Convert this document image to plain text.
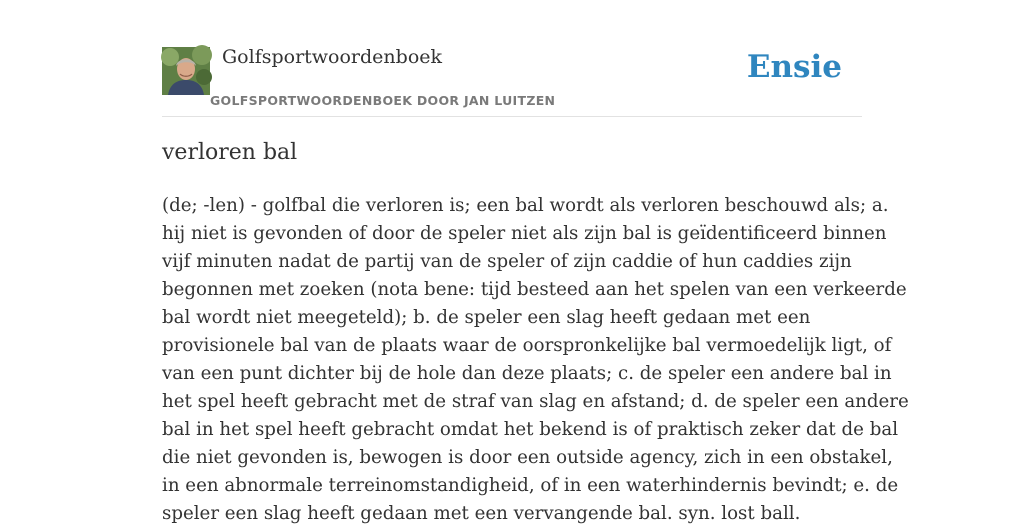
Golfsportwoordenboek
GOLFSPORTWOORDENBOEK DOOR JAN LUITZEN
Ensie
verloren bal
(de; -len) - golfbal die verloren is; een bal wordt als verloren beschouwd als; a.
hij niet is gevonden of door de speler niet als zijn bal is geïdentificeerd binnen
vijf minuten nadat de partij van de speler of zijn caddie of hun caddies zijn
begonnen met zoeken (nota bene: tijd besteed aan het spelen van een verkeerde
bal wordt niet meegeteld); b. de speler een slag heeft gedaan met een
provisionele bal van de plaats waar de oorspronkelijke bal vermoedelijk ligt, of
van een punt dichter bij de hole dan deze plaats; c. de speler een andere bal in
het spel heeft gebracht met de straf van slag en afstand; d. de speler een andere
bal in het spel heeft gebracht omdat het bekend is of praktisch zeker dat de bal
die niet gevonden is, bewogen is door een outside agency, zich in een obstakel,
in een abnormale terreinomstandigheid, of in een waterhindernis bevindt; e. de
speler een slag heeft gedaan met een vervangende bal. syn. lost ball.
